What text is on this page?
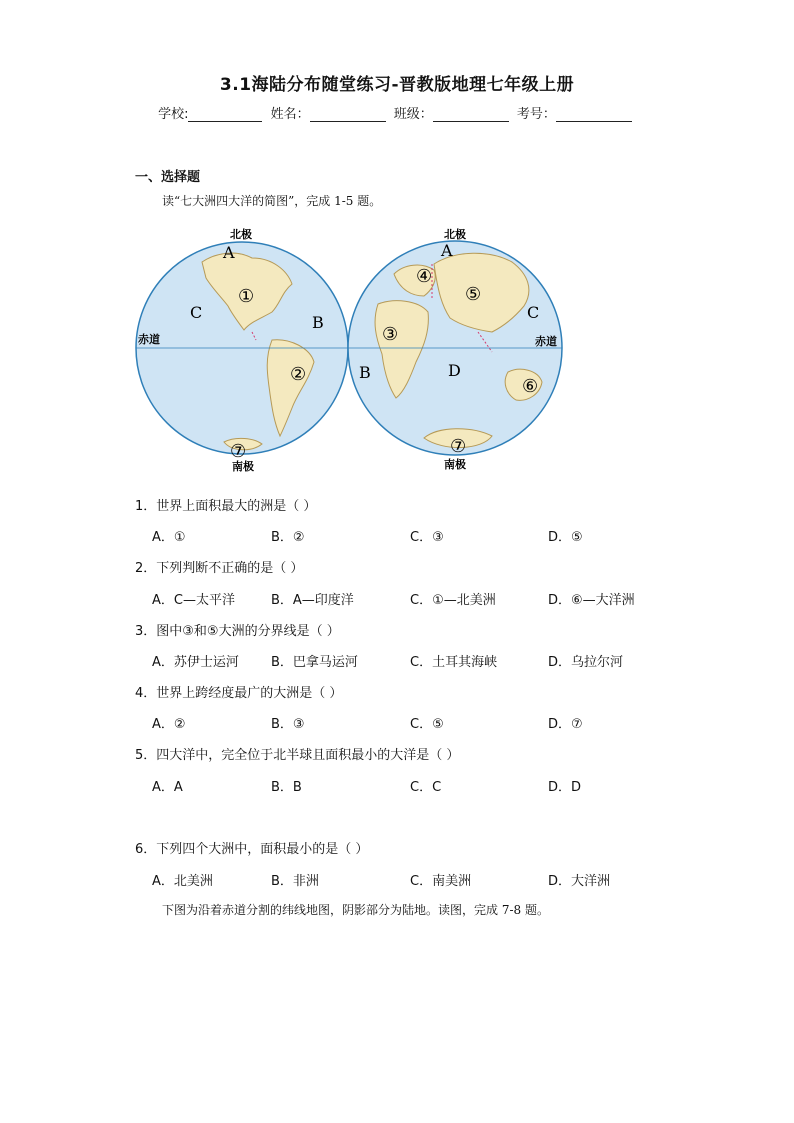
3.1海陆分布随堂练习-晋教版地理七年级上册
学校:	姓名：	班级：	考号：
一、选择题
读“七大洲四大洋的简图”，完成 1-5 题。
北极
A
C
B
赤道
①
②
⑦
南极
北极
A
C
B	D
赤道
④
⑤
③
⑥
⑦
南极
1．世界上面积最大的洲是（ ）
A．①	B．②	C．③	D．⑤
2．下列判断不正确的是（ ）
A．C—太平洋	B．A—印度洋	C．①—北美洲	D．⑥—大洋洲
3．图中③和⑤大洲的分界线是（ ）
A．苏伊士运河 B．巴拿马运河	C．土耳其海峡	D．乌拉尔河
4．世界上跨经度最广的大洲是（ ）
A．②	B．③	C．⑤	D．⑦
5．四大洋中，完全位于北半球且面积最小的大洋是（ ）
A．A	B．B	C．C	D．D
6．下列四个大洲中，面积最小的是（ ）
A．北美洲	B．非洲	C．南美洲	D．大洋洲
下图为沿着赤道分割的纬线地图，阴影部分为陆地。读图，完成 7-8 题。
